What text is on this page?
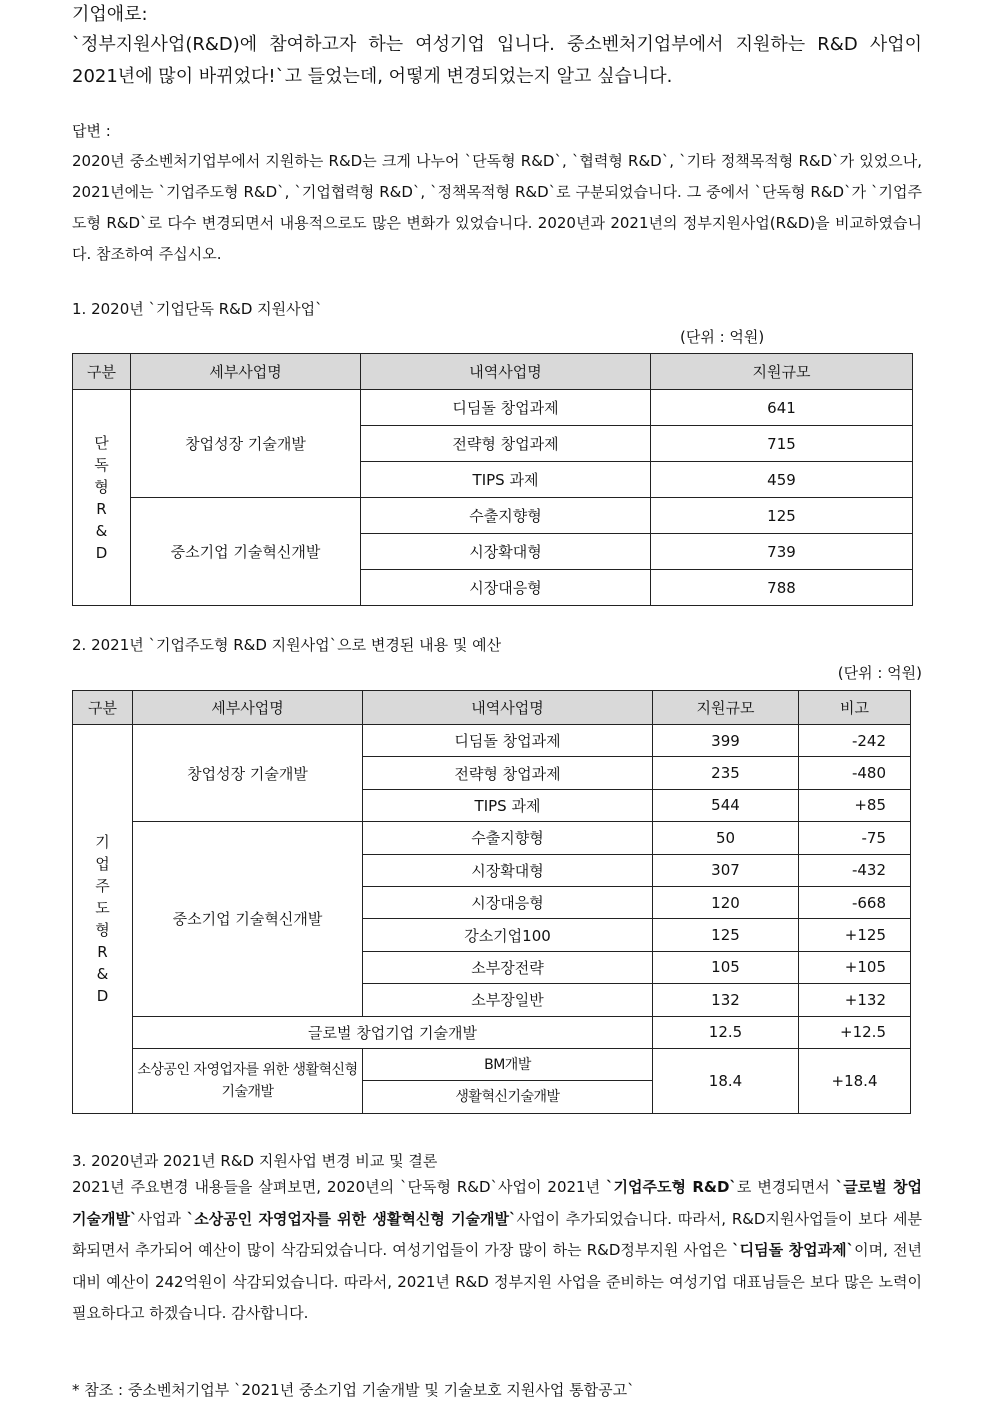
기업애로:
`정부지원사업(R&D)에 참여하고자 하는 여성기업 입니다. 중소벤처기업부에서 지원하는 R&D 사업이 2021년에 많이 바뀌었다!`고 들었는데, 어떻게 변경되었는지 알고 싶습니다.
답변 :
2020년 중소벤처기업부에서 지원하는 R&D는 크게 나누어 `단독형 R&D`, `협력형 R&D`, `기타 정책목적형 R&D`가 있었으나, 2021년에는 `기업주도형 R&D`, `기업협력형 R&D`, `정책목적형 R&D`로 구분되었습니다. 그 중에서 `단독형 R&D`가 `기업주도형 R&D`로 다수 변경되면서 내용적으로도 많은 변화가 있었습니다. 2020년과 2021년의 정부지원사업(R&D)을 비교하였습니다. 참조하여 주십시오.
1. 2020년 `기업단독 R&D 지원사업`
(단위 : 억원)
구분	세부사업명	내역사업명	지원규모
단독형R&D	창업성장 기술개발	디딤돌 창업과제	641
		전략형 창업과제	715
		TIPS 과제	459
	중소기업 기술혁신개발	수출지향형	125
		시장확대형	739
		시장대응형	788
2. 2021년 `기업주도형 R&D 지원사업`으로 변경된 내용 및 예산
(단위 : 억원)
구분	세부사업명	내역사업명	지원규모	비고
기업주도형R&D	창업성장 기술개발	디딤돌 창업과제	399	-242
		전략형 창업과제	235	-480
		TIPS 과제	544	+85
	중소기업 기술혁신개발	수출지향형	50	-75
		시장확대형	307	-432
		시장대응형	120	-668
		강소기업100	125	+125
		소부장전략	105	+105
		소부장일반	132	+132
	글로벌 창업기업 기술개발		12.5	+12.5
	소상공인 자영업자를 위한 생활혁신형 기술개발	BM개발	18.4	+18.4
		생활혁신기술개발		
3. 2020년과 2021년 R&D 지원사업 변경 비교 및 결론
2021년 주요변경 내용들을 살펴보면, 2020년의 `단독형 R&D`사업이 2021년 `기업주도형 R&D`로 변경되면서 `글로벌 창업기술개발`사업과 `소상공인 자영업자를 위한 생활혁신형 기술개발`사업이 추가되었습니다. 따라서, R&D지원사업들이 보다 세분화되면서 추가되어 예산이 많이 삭감되었습니다. 여성기업들이 가장 많이 하는 R&D정부지원 사업은 `디딤돌 창업과제`이며, 전년대비 예산이 242억원이 삭감되었습니다. 따라서, 2021년 R&D 정부지원 사업을 준비하는 여성기업 대표님들은 보다 많은 노력이 필요하다고 하겠습니다. 감사합니다.
* 참조 : 중소벤처기업부 `2021년 중소기업 기술개발 및 기술보호 지원사업 통합공고`
